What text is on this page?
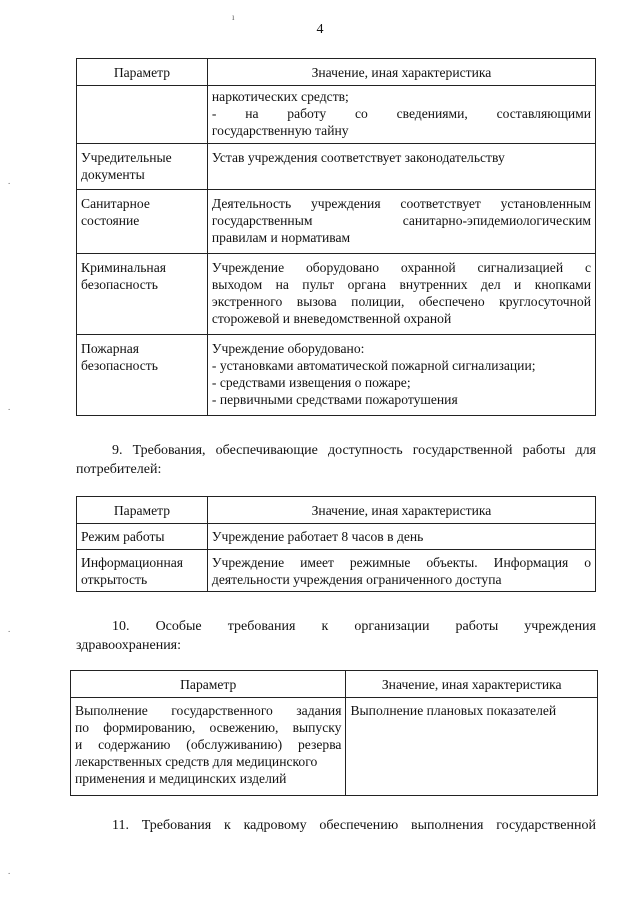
4
ı
.
.
.
.
Параметр	Значение, иная характеристика

	наркотических средств;
- на работу со сведениями, составляющими
государственную тайну

Учредительные
документы	Устав учреждения соответствует законодательству

Санитарное
состояние	Деятельность учреждения соответствует установленным
государственным санитарно-эпидемиологическим
правилам и нормативам

Криминальная
безопасность	Учреждение оборудовано охранной сигнализацией с
выходом на пульт органа внутренних дел и кнопками
экстренного вызова полиции, обеспечено круглосуточной
сторожевой и вневедомственной охраной

Пожарная
безопасность	Учреждение оборудовано:
- установками автоматической пожарной сигнализации;
- средствами извещения о пожаре;
- первичными средствами пожаротушения
9. Требования, обеспечивающие доступность государственной работы для
потребителей:
Параметр	Значение, иная характеристика

Режим работы	Учреждение работает 8 часов в день

Информационная
открытость	Учреждение имеет режимные объекты. Информация о
деятельности учреждения ограниченного доступа
10. Особые требования к организации работы учреждения
здравоохранения:
Параметр	Значение, иная характеристика

Выполнение государственного задания
по формированию, освежению, выпуску
и содержанию (обслуживанию) резерва
лекарственных средств для медицинского
применения и медицинских изделий	Выполнение плановых показателей
11. Требования к кадровому обеспечению выполнения государственной
